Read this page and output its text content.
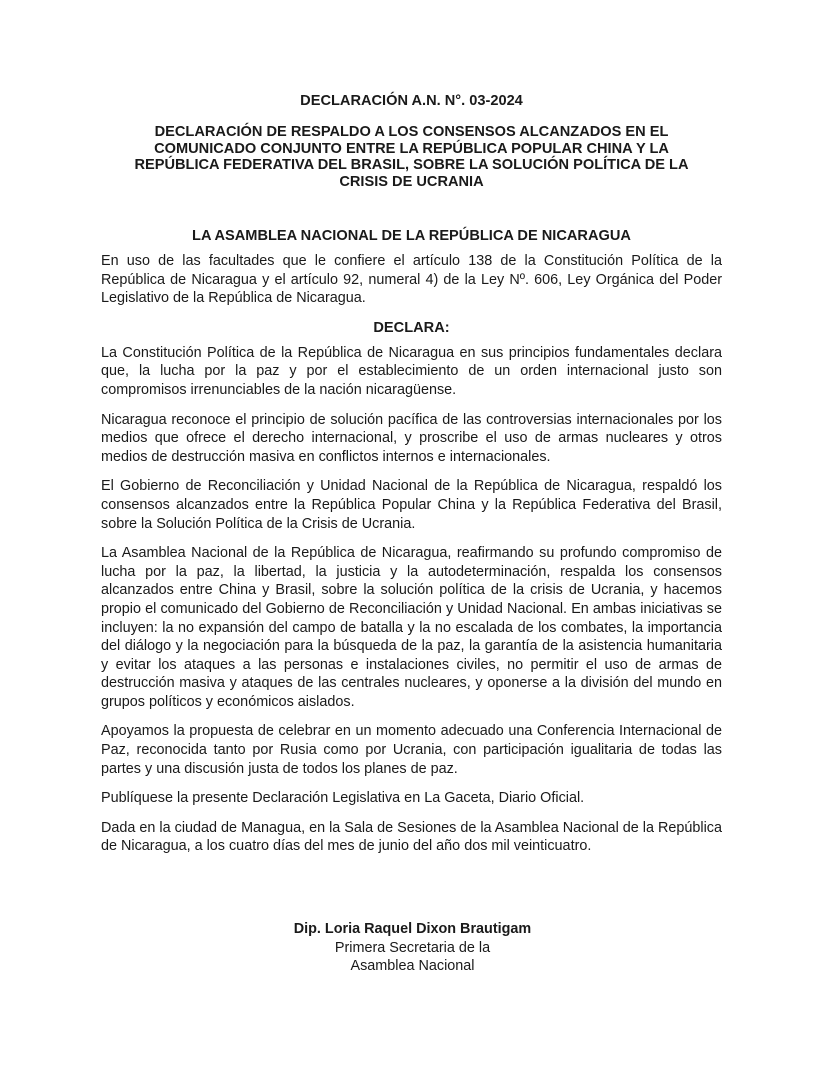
DECLARACIÓN A.N. N°. 03-2024
DECLARACIÓN DE RESPALDO A LOS CONSENSOS ALCANZADOS EN EL
COMUNICADO CONJUNTO ENTRE LA REPÚBLICA POPULAR CHINA Y LA
REPÚBLICA FEDERATIVA DEL BRASIL, SOBRE LA SOLUCIÓN POLÍTICA DE LA
CRISIS DE UCRANIA
LA ASAMBLEA NACIONAL DE LA REPÚBLICA DE NICARAGUA

En uso de las facultades que le confiere el artículo 138 de la Constitución Política de la República de Nicaragua y el artículo 92, numeral 4) de la Ley Nº. 606, Ley Orgánica del Poder Legislativo de la República de Nicaragua.

DECLARA:

La Constitución Política de la República de Nicaragua en sus principios fundamentales declara que, la lucha por la paz y por el establecimiento de un orden internacional justo son compromisos irrenunciables de la nación nicaragüense.

Nicaragua reconoce el principio de solución pacífica de las controversias internacionales por los medios que ofrece el derecho internacional, y proscribe el uso de armas nucleares y otros medios de destrucción masiva en conflictos internos e internacionales.

El Gobierno de Reconciliación y Unidad Nacional de la República de Nicaragua, respaldó los consensos alcanzados entre la República Popular China y la República Federativa del Brasil, sobre la Solución Política de la Crisis de Ucrania.

La Asamblea Nacional de la República de Nicaragua, reafirmando su profundo compromiso de lucha por la paz, la libertad, la justicia y la autodeterminación, respalda los consensos alcanzados entre China y Brasil, sobre la solución política de la crisis de Ucrania, y hacemos propio el comunicado del Gobierno de Reconciliación y Unidad Nacional. En ambas iniciativas se incluyen: la no expansión del campo de batalla y la no escalada de los combates, la importancia del diálogo y la negociación para la búsqueda de la paz, la garantía de la asistencia humanitaria y evitar los ataques a las personas e instalaciones civiles, no permitir el uso de armas de destrucción masiva y ataques de las centrales nucleares, y oponerse a la división del mundo en grupos políticos y económicos aislados.

Apoyamos la propuesta de celebrar en un momento adecuado una Conferencia Internacional de Paz, reconocida tanto por Rusia como por Ucrania, con participación igualitaria de todas las partes y una discusión justa de todos los planes de paz.

Publíquese la presente Declaración Legislativa en La Gaceta, Diario Oficial.

Dada en la ciudad de Managua, en la Sala de Sesiones de la Asamblea Nacional de la República de Nicaragua, a los cuatro días del mes de junio del año dos mil veinticuatro.

Dip. Loria Raquel Dixon Brautigam
Primera Secretaria de la
Asamblea Nacional
